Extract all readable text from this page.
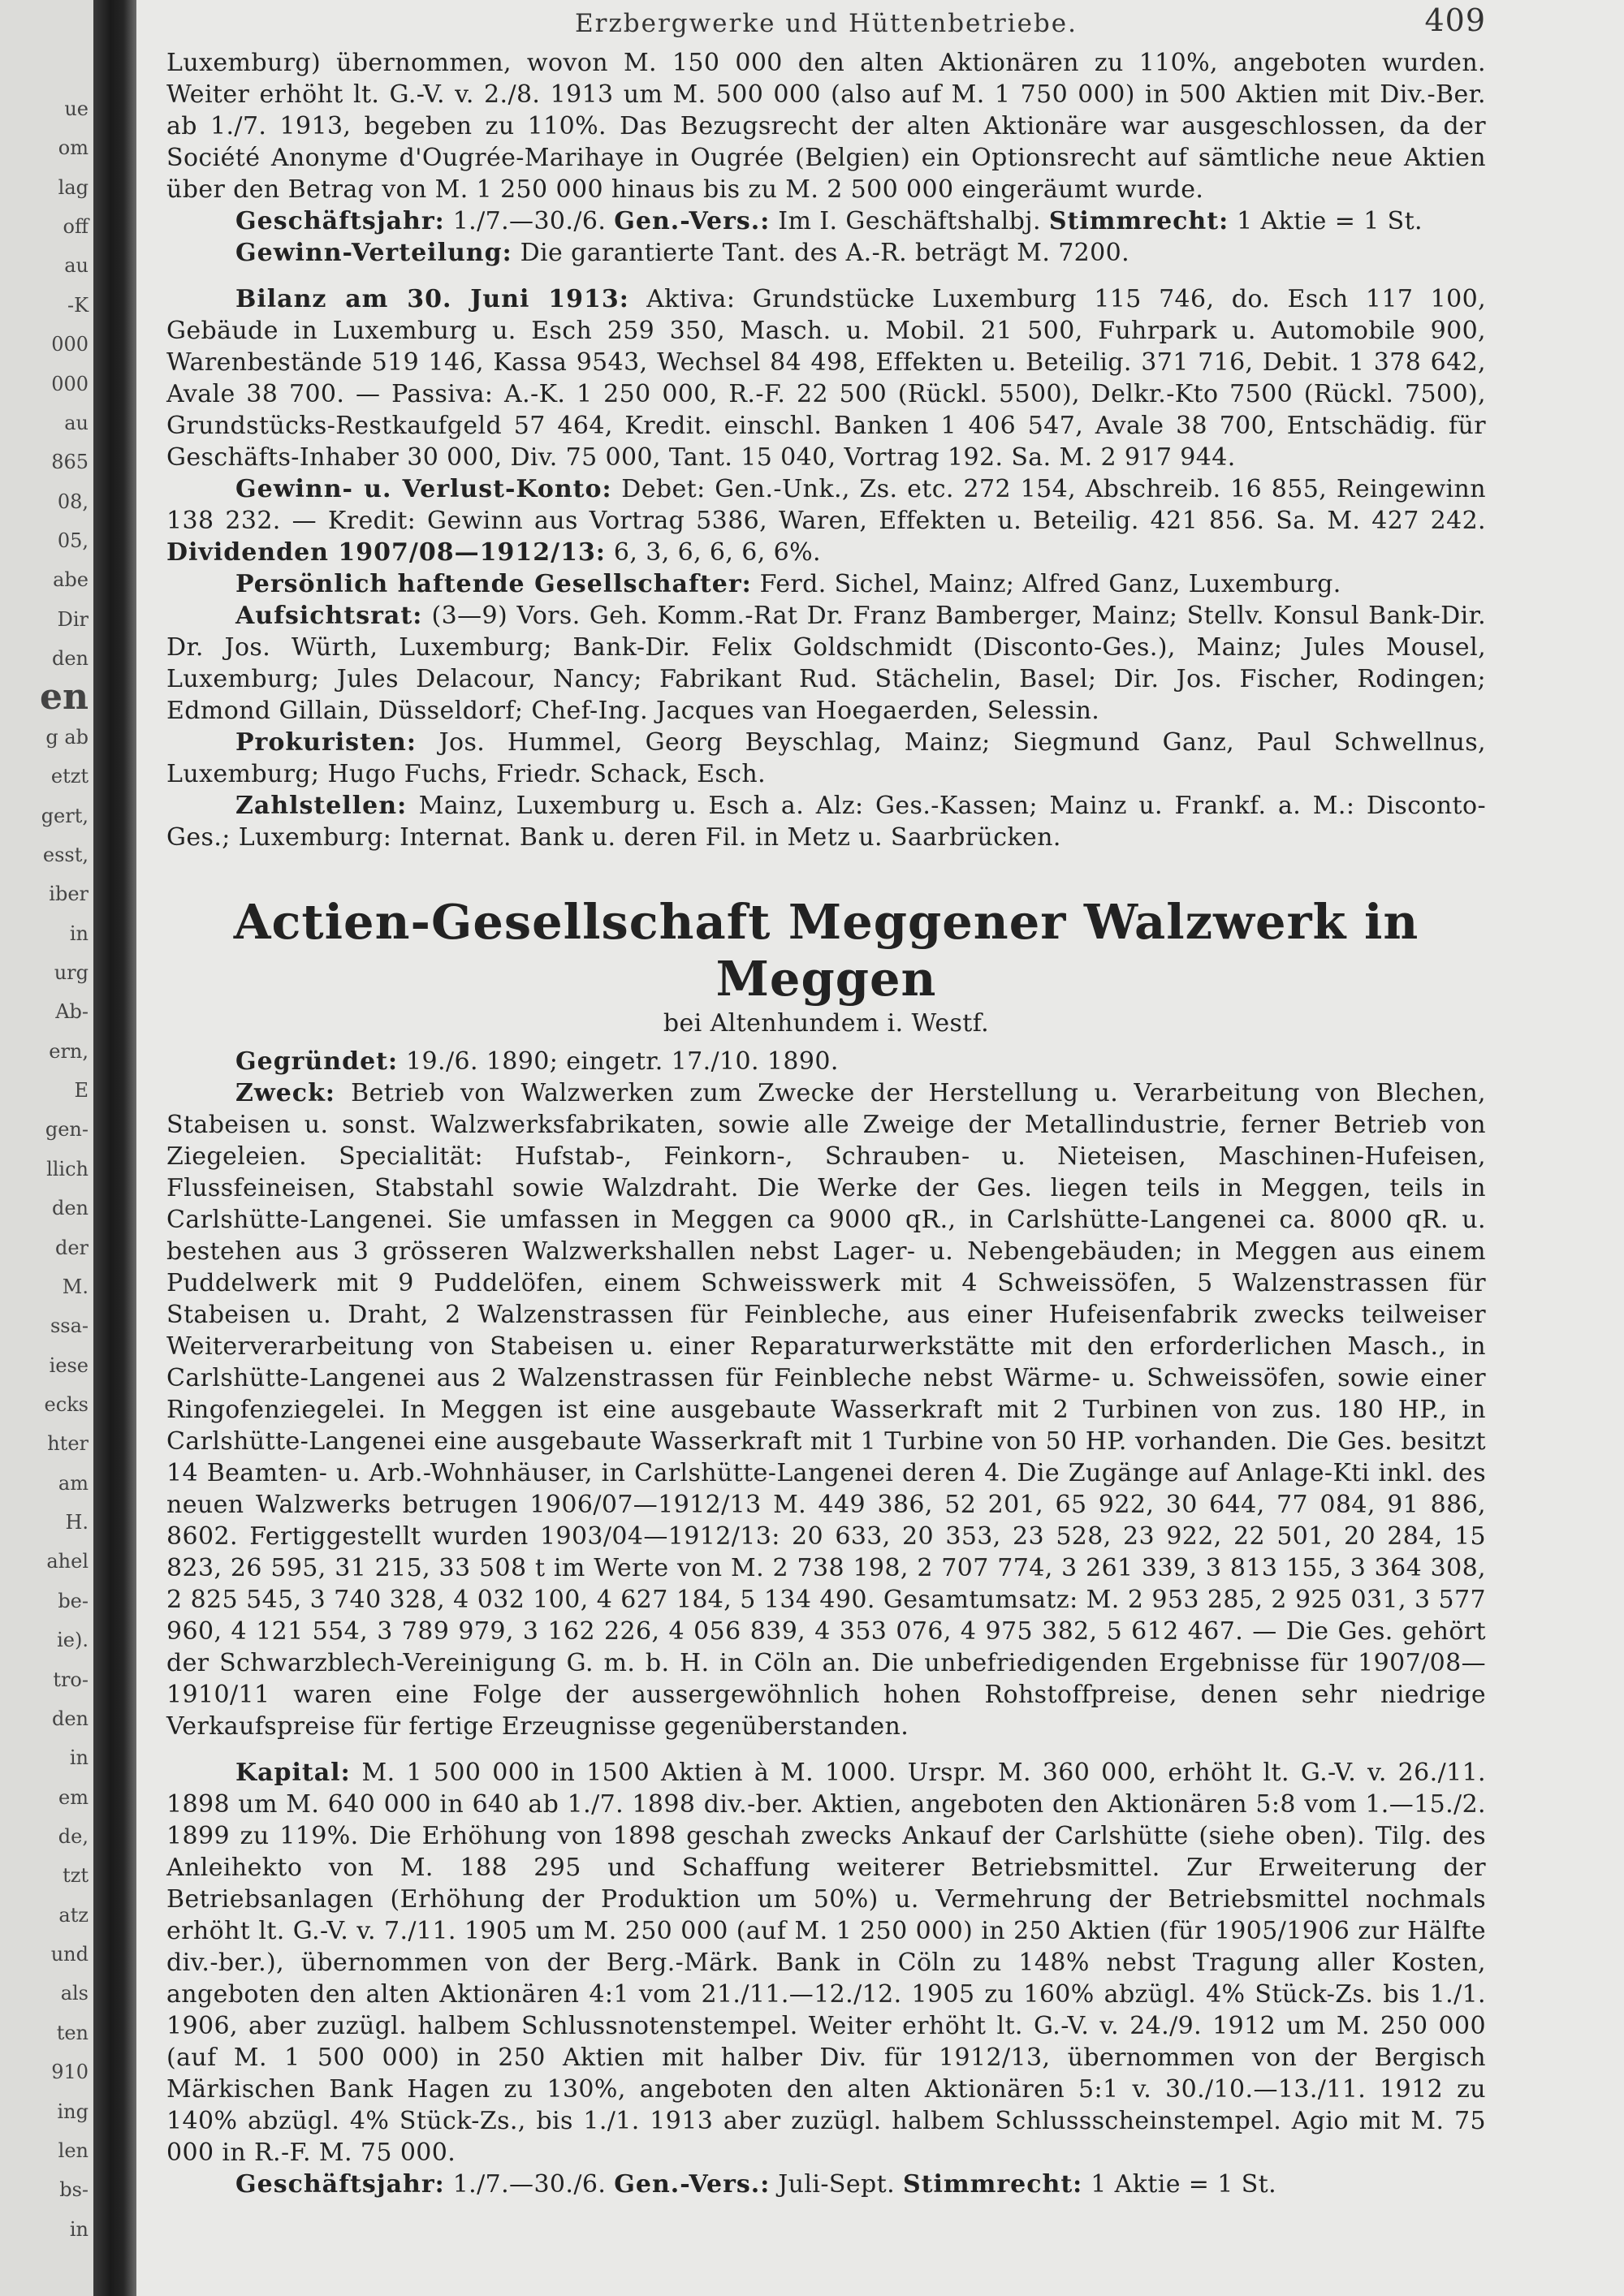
ue
om
lag
off
au
-K
000
000
au
865
08,
05,
abe
Dir
den
en
g ab
etzt
gert,
esst,
iber
in
urg
Ab-
ern,
E
gen-
llich
den
der
M.
ssa-
iese
ecks
hter
am
H.
ahel
be-
ie).
tro-
den
in
em
de,
tzt
atz
und
als
ten
910
ing
len
bs-
in
Erzbergwerke und Hüttenbetriebe.	409

Luxemburg) übernommen, wovon M. 150 000 den alten Aktionären zu 110%, angeboten wurden. Weiter erhöht lt. G.-V. v. 2./8. 1913 um M. 500 000 (also auf M. 1 750 000) in 500 Aktien mit Div.-Ber. ab 1./7. 1913, begeben zu 110%. Das Bezugsrecht der alten Aktionäre war ausgeschlossen, da der Société Anonyme d'Ougrée-Marihaye in Ougrée (Belgien) ein Optionsrecht auf sämtliche neue Aktien über den Betrag von M. 1 250 000 hinaus bis zu M. 2 500 000 eingeräumt wurde.

Geschäftsjahr: 1./7.—30./6. Gen.-Vers.: Im I. Geschäftshalbj. Stimmrecht: 1 Aktie = 1 St.

Gewinn-Verteilung: Die garantierte Tant. des A.-R. beträgt M. 7200.

Bilanz am 30. Juni 1913: Aktiva: Grundstücke Luxemburg 115 746, do. Esch 117 100, Gebäude in Luxemburg u. Esch 259 350, Masch. u. Mobil. 21 500, Fuhrpark u. Automobile 900, Warenbestände 519 146, Kassa 9543, Wechsel 84 498, Effekten u. Beteilig. 371 716, Debit. 1 378 642, Avale 38 700. — Passiva: A.-K. 1 250 000, R.-F. 22 500 (Rückl. 5500), Delkr.-Kto 7500 (Rückl. 7500), Grundstücks-Restkaufgeld 57 464, Kredit. einschl. Banken 1 406 547, Avale 38 700, Entschädig. für Geschäfts-Inhaber 30 000, Div. 75 000, Tant. 15 040, Vortrag 192. Sa. M. 2 917 944.

Gewinn- u. Verlust-Konto: Debet: Gen.-Unk., Zs. etc. 272 154, Abschreib. 16 855, Reingewinn 138 232. — Kredit: Gewinn aus Vortrag 5386, Waren, Effekten u. Beteilig. 421 856. Sa. M. 427 242. Dividenden 1907/08—1912/13: 6, 3, 6, 6, 6, 6%.

Persönlich haftende Gesellschafter: Ferd. Sichel, Mainz; Alfred Ganz, Luxemburg.

Aufsichtsrat: (3—9) Vors. Geh. Komm.-Rat Dr. Franz Bamberger, Mainz; Stellv. Konsul Bank-Dir. Dr. Jos. Würth, Luxemburg; Bank-Dir. Felix Goldschmidt (Disconto-Ges.), Mainz; Jules Mousel, Luxemburg; Jules Delacour, Nancy; Fabrikant Rud. Stächelin, Basel; Dir. Jos. Fischer, Rodingen; Edmond Gillain, Düsseldorf; Chef-Ing. Jacques van Hoegaerden, Selessin.

Prokuristen: Jos. Hummel, Georg Beyschlag, Mainz; Siegmund Ganz, Paul Schwellnus, Luxemburg; Hugo Fuchs, Friedr. Schack, Esch.

Zahlstellen: Mainz, Luxemburg u. Esch a. Alz: Ges.-Kassen; Mainz u. Frankf. a. M.: Disconto-Ges.; Luxemburg: Internat. Bank u. deren Fil. in Metz u. Saarbrücken.

Actien-Gesellschaft Meggener Walzwerk in Meggen
bei Altenhundem i. Westf.

Gegründet: 19./6. 1890; eingetr. 17./10. 1890.

Zweck: Betrieb von Walzwerken zum Zwecke der Herstellung u. Verarbeitung von Blechen, Stabeisen u. sonst. Walzwerksfabrikaten, sowie alle Zweige der Metallindustrie, ferner Betrieb von Ziegeleien. Specialität: Hufstab-, Feinkorn-, Schrauben- u. Nieteisen, Maschinen-Hufeisen, Flussfeineisen, Stabstahl sowie Walzdraht. Die Werke der Ges. liegen teils in Meggen, teils in Carlshütte-Langenei. Sie umfassen in Meggen ca 9000 qR., in Carlshütte-Langenei ca. 8000 qR. u. bestehen aus 3 grösseren Walzwerkshallen nebst Lager- u. Nebengebäuden; in Meggen aus einem Puddelwerk mit 9 Puddelöfen, einem Schweisswerk mit 4 Schweissöfen, 5 Walzenstrassen für Stabeisen u. Draht, 2 Walzenstrassen für Feinbleche, aus einer Hufeisenfabrik zwecks teilweiser Weiterverarbeitung von Stabeisen u. einer Reparaturwerkstätte mit den erforderlichen Masch., in Carlshütte-Langenei aus 2 Walzenstrassen für Feinbleche nebst Wärme- u. Schweissöfen, sowie einer Ringofenziegelei. In Meggen ist eine ausgebaute Wasserkraft mit 2 Turbinen von zus. 180 HP., in Carlshütte-Langenei eine ausgebaute Wasserkraft mit 1 Turbine von 50 HP. vorhanden. Die Ges. besitzt 14 Beamten- u. Arb.-Wohnhäuser, in Carlshütte-Langenei deren 4. Die Zugänge auf Anlage-Kti inkl. des neuen Walzwerks betrugen 1906/07—1912/13 M. 449 386, 52 201, 65 922, 30 644, 77 084, 91 886, 8602. Fertiggestellt wurden 1903/04—1912/13: 20 633, 20 353, 23 528, 23 922, 22 501, 20 284, 15 823, 26 595, 31 215, 33 508 t im Werte von M. 2 738 198, 2 707 774, 3 261 339, 3 813 155, 3 364 308, 2 825 545, 3 740 328, 4 032 100, 4 627 184, 5 134 490. Gesamtumsatz: M. 2 953 285, 2 925 031, 3 577 960, 4 121 554, 3 789 979, 3 162 226, 4 056 839, 4 353 076, 4 975 382, 5 612 467. — Die Ges. gehört der Schwarzblech-Vereinigung G. m. b. H. in Cöln an. Die unbefriedigenden Ergebnisse für 1907/08—1910/11 waren eine Folge der aussergewöhnlich hohen Rohstoffpreise, denen sehr niedrige Verkaufspreise für fertige Erzeugnisse gegenüberstanden.

Kapital: M. 1 500 000 in 1500 Aktien à M. 1000. Urspr. M. 360 000, erhöht lt. G.-V. v. 26./11. 1898 um M. 640 000 in 640 ab 1./7. 1898 div.-ber. Aktien, angeboten den Aktionären 5:8 vom 1.—15./2. 1899 zu 119%. Die Erhöhung von 1898 geschah zwecks Ankauf der Carlshütte (siehe oben). Tilg. des Anleihekto von M. 188 295 und Schaffung weiterer Betriebsmittel. Zur Erweiterung der Betriebsanlagen (Erhöhung der Produktion um 50%) u. Vermehrung der Betriebsmittel nochmals erhöht lt. G.-V. v. 7./11. 1905 um M. 250 000 (auf M. 1 250 000) in 250 Aktien (für 1905/1906 zur Hälfte div.-ber.), übernommen von der Berg.-Märk. Bank in Cöln zu 148% nebst Tragung aller Kosten, angeboten den alten Aktionären 4:1 vom 21./11.—12./12. 1905 zu 160% abzügl. 4% Stück-Zs. bis 1./1. 1906, aber zuzügl. halbem Schlussnotenstempel. Weiter erhöht lt. G.-V. v. 24./9. 1912 um M. 250 000 (auf M. 1 500 000) in 250 Aktien mit halber Div. für 1912/13, übernommen von der Bergisch Märkischen Bank Hagen zu 130%, angeboten den alten Aktionären 5:1 v. 30./10.—13./11. 1912 zu 140% abzügl. 4% Stück-Zs., bis 1./1. 1913 aber zuzügl. halbem Schlussscheinstempel. Agio mit M. 75 000 in R.-F. M. 75 000.

Geschäftsjahr: 1./7.—30./6. Gen.-Vers.: Juli-Sept. Stimmrecht: 1 Aktie = 1 St.
